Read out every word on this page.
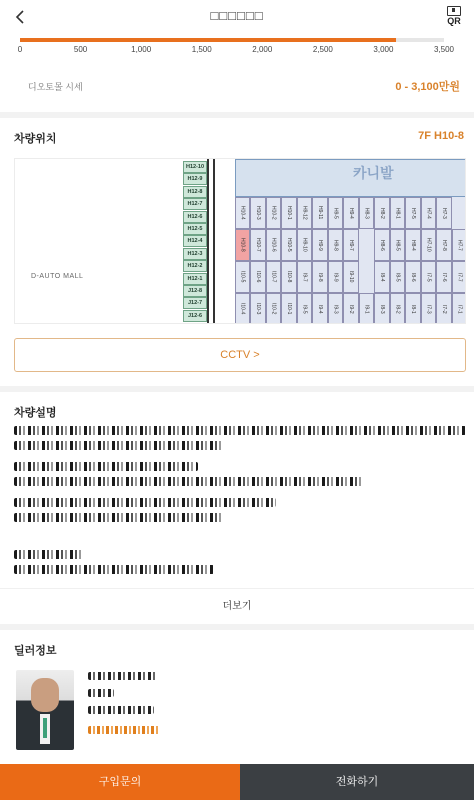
□□□□□□	QR
0	500	1,000	1,500	2,000	2,500	3,000	3,500
디오토몰 시세	0 - 3,100만원
차량위치	7F H10-8
D-AUTO MALL
H12-10
H12-9
H12-8
H12-7
H12-6
H12-5
H12-4
H12-3
H12-2
H12-1
J12-8
J12-7
J12-6
카니발
H10-4	H10-3	H10-2	H10-1	H9-12	H9-11	H9-5	H9-4	H8-3	H8-2	H8-1	H7-5	H7-4	H7-3
H10-8	H10-7	H10-6	H10-5	H9-10	H9-9	H9-8	H9-7	H8-6	H8-5	H8-4	H7-10	H7-8	H7-7
I10-5	I10-6	I10-7	I10-8	I9-7	I9-8	I9-9	I9-10	I8-4	I8-5	I8-6	I7-5	I7-6	I7-7
I10-4	I10-3	I10-2	I10-1	I9-5	I9-4	I9-3	I9-2	I9-1	I8-3	I8-2	I8-1	I7-3	I7-2	I7-1
CCTV >
차량설명
더보기
딜러정보
구입문의	전화하기
